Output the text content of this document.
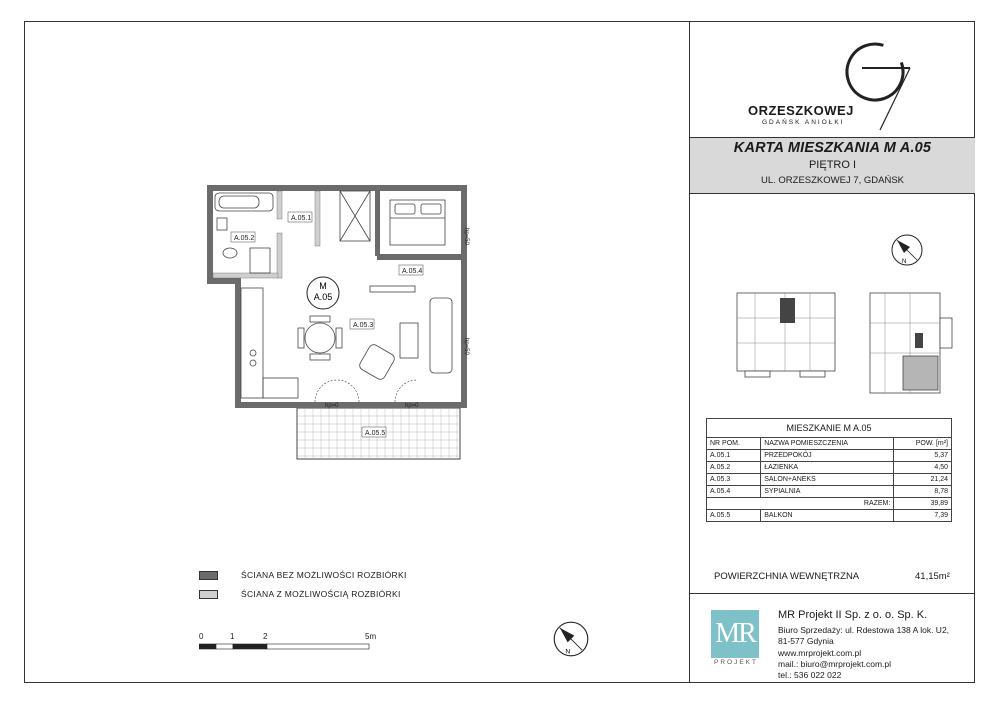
ORZESZKOWEJ
GDAŃSK ANIOŁKI
KARTA MIESZKANIA M A.05
PIĘTRO I
UL. ORZESZKOWEJ 7, GDAŃSK
N
MIESZKANIE M A.05		
NR POM.	NAZWA POMIESZCZENIA	POW. [m²]
A.05.1	PRZEDPOKÓJ	5,37
A.05.2	ŁAZIENKA	4,50
A.05.3	SALON+ANEKS	21,24
A.05.4	SYPIALNIA	8,78
RAZEM:		39,89
A.05.5	BALKON	7,39
POWIERZCHNIA WEWNĘTRZNA	41,15m²
MR
PROJEKT
MR Projekt II Sp. z o. o. Sp. K.
Biuro Sprzedaży: ul. Rdestowa 138 A lok. U2,
81-577 Gdynia
www.mrprojekt.com.pl
mail.: biuro@mrprojekt.com.pl
tel.: 536 022 022
A.05.1
A.05.2
A.05.3
A.05.4
A.05.5
M
A.05
hp=50
hp=50
hp=0	hp=0
ŚCIANA BEZ MOŻLIWOŚCI ROZBIÓRKI
ŚCIANA Z MOŻLIWOŚCIĄ ROZBIÓRKI
0	1	2	5m
N
